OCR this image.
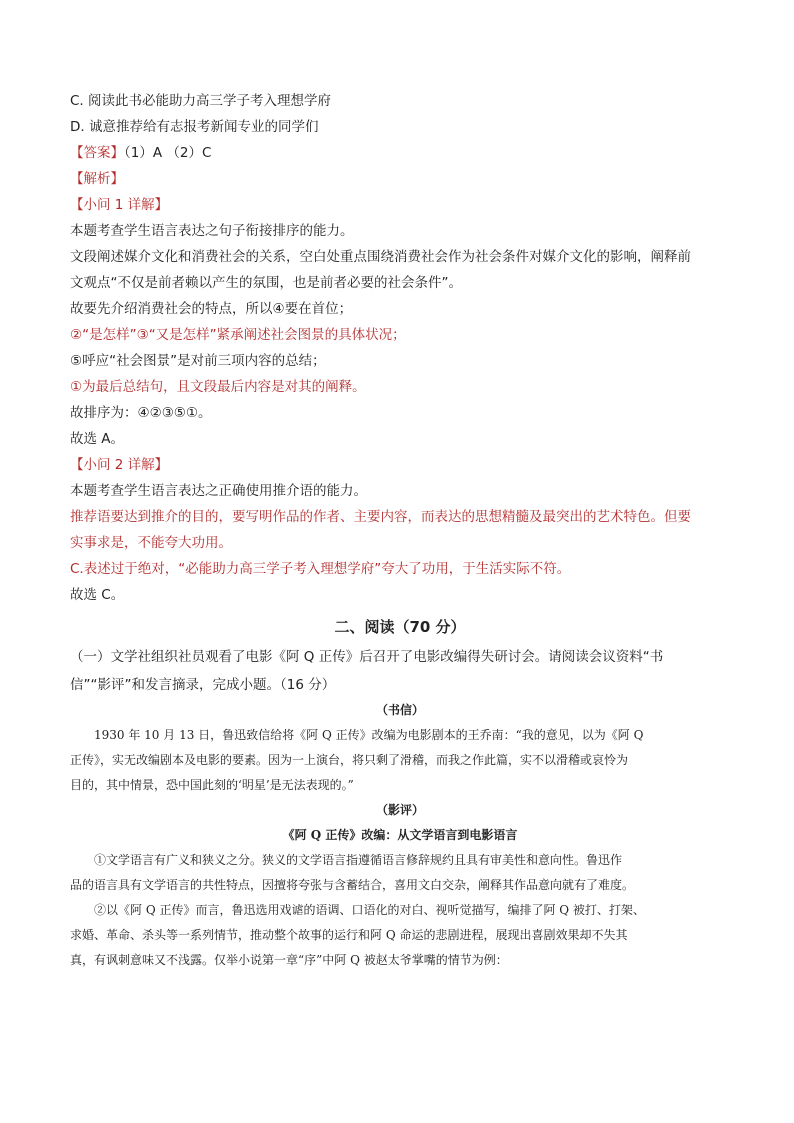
C. 阅读此书必能助力高三学子考入理想学府
D. 诚意推荐给有志报考新闻专业的同学们
【答案】（1）A （2）C
【解析】
【小问 1 详解】
本题考查学生语言表达之句子衔接排序的能力。
文段阐述媒介文化和消费社会的关系，空白处重点围绕消费社会作为社会条件对媒介文化的影响，阐释前
文观点“不仅是前者赖以产生的氛围，也是前者必要的社会条件”。
故要先介绍消费社会的特点，所以④要在首位；
②“是怎样”③“又是怎样”紧承阐述社会图景的具体状况；
⑤呼应“社会图景”是对前三项内容的总结；
①为最后总结句，且文段最后内容是对其的阐释。
故排序为：④②③⑤①。
故选 A。
【小问 2 详解】
本题考查学生语言表达之正确使用推介语的能力。
推荐语要达到推介的目的，要写明作品的作者、主要内容，而表达的思想精髓及最突出的艺术特色。但要
实事求是，不能夸大功用。
C.表述过于绝对，“必能助力高三学子考入理想学府”夸大了功用，于生活实际不符。
故选 C。
二、阅读（70 分）
（一）文学社组织社员观看了电影《阿 Q 正传》后召开了电影改编得失研讨会。请阅读会议资料“书
信”“影评”和发言摘录，完成小题。（16 分）
（书信）
1930 年 10 月 13 日，鲁迅致信给将《阿 Q 正传》改编为电影剧本的王乔南：“我的意见，以为《阿 Q
正传》，实无改编剧本及电影的要素。因为一上演台，将只剩了滑稽，而我之作此篇，实不以滑稽或哀怜为
目的，其中情景，恐中国此刻的‘明星’是无法表现的。”
（影评）
《阿 Q 正传》改编：从文学语言到电影语言
①文学语言有广义和狭义之分。狭义的文学语言指遵循语言修辞规约且具有审美性和意向性。鲁迅作
品的语言具有文学语言的共性特点，因擅将夸张与含蓄结合，喜用文白交杂，阐释其作品意向就有了难度。
②以《阿 Q 正传》而言，鲁迅选用戏谑的语调、口语化的对白、视听觉描写，编排了阿 Q 被打、打架、
求婚、革命、杀头等一系列情节，推动整个故事的运行和阿 Q 命运的悲剧进程，展现出喜剧效果却不失其
真，有讽刺意味又不浅露。仅举小说第一章“序”中阿 Q 被赵太爷掌嘴的情节为例：
